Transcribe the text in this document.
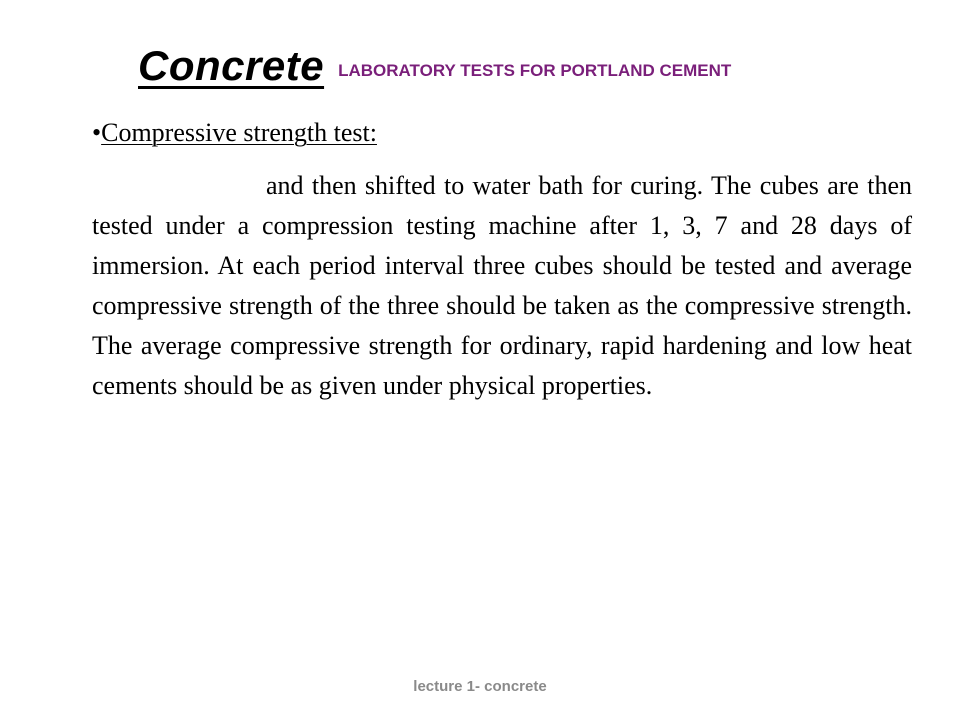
Concrete LABORATORY TESTS FOR PORTLAND CEMENT
•Compressive strength test:

and then shifted to water bath for curing. The cubes are then tested under a compression testing machine after 1, 3, 7 and 28 days of immersion. At each period interval three cubes should be tested and average compressive strength of the three should be taken as the compressive strength. The average compressive strength for ordinary, rapid hardening and low heat cements should be as given under physical properties.

lecture 1- concrete
